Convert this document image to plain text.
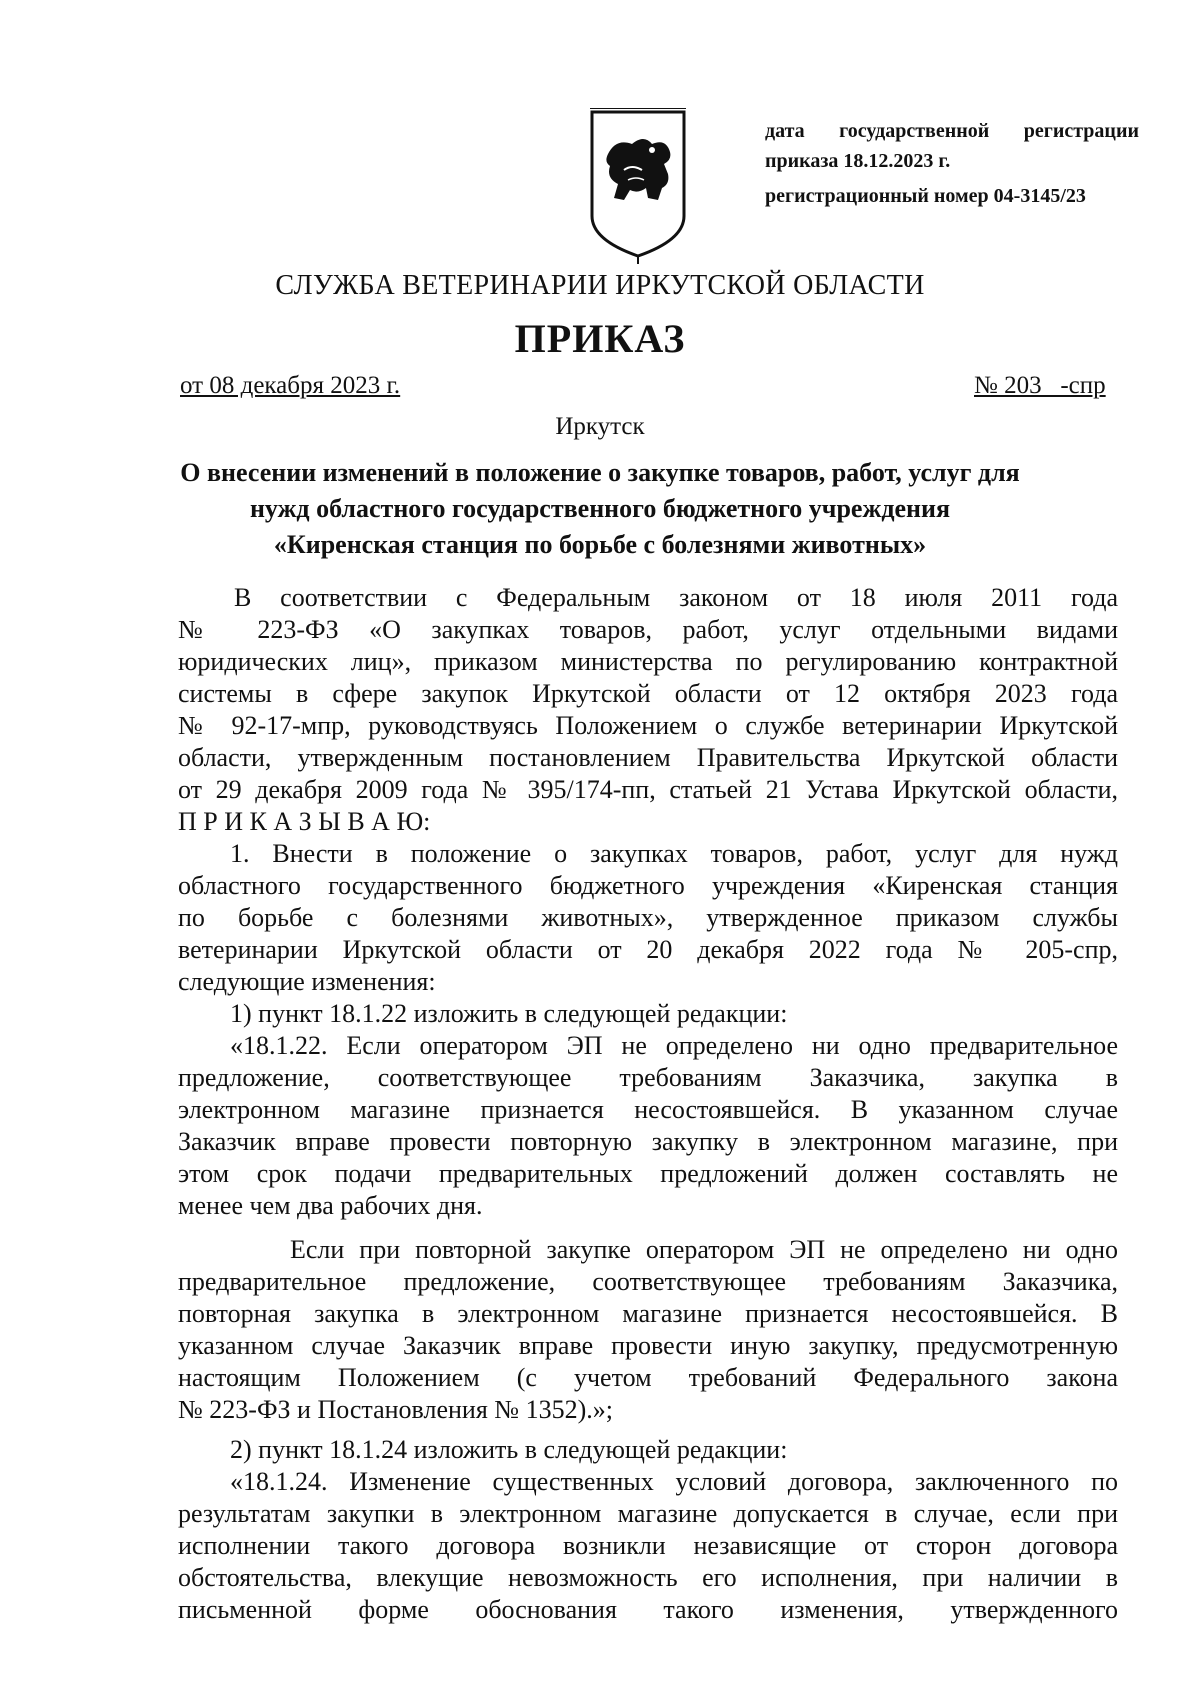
дата государственной регистрации
приказа 18.12.2023 г.
регистрационный номер 04-3145/23
СЛУЖБА ВЕТЕРИНАРИИ ИРКУТСКОЙ ОБЛАСТИ
ПРИКАЗ
от 08 декабря 2023 г.	№ 203   -спр
Иркутск
О внесении изменений в положение о закупке товаров, работ, услуг для
нужд областного государственного бюджетного учреждения
«Киренская станция по борьбе с болезнями животных»
В соответствии с Федеральным законом от 18 июля 2011 года
№ 223-ФЗ «О закупках товаров, работ, услуг отдельными видами
юридических лиц», приказом министерства по регулированию контрактной
системы в сфере закупок Иркутской области от 12 октября 2023 года
№ 92-17-мпр, руководствуясь Положением о службе ветеринарии Иркутской
области, утвержденным постановлением Правительства Иркутской области
от 29 декабря 2009 года № 395/174-пп, статьей 21 Устава Иркутской области,
П Р И К А З Ы В А Ю:
1. Внести в положение о закупках товаров, работ, услуг для нужд
областного государственного бюджетного учреждения «Киренская станция
по борьбе с болезнями животных», утвержденное приказом службы
ветеринарии Иркутской области от 20 декабря 2022 года № 205-спр,
следующие изменения:
1) пункт 18.1.22 изложить в следующей редакции:
«18.1.22. Если оператором ЭП не определено ни одно предварительное
предложение, соответствующее требованиям Заказчика, закупка в
электронном магазине признается несостоявшейся. В указанном случае
Заказчик вправе провести повторную закупку в электронном магазине, при
этом срок подачи предварительных предложений должен составлять не
менее чем два рабочих дня.
Если при повторной закупке оператором ЭП не определено ни одно
предварительное предложение, соответствующее требованиям Заказчика,
повторная закупка в электронном магазине признается несостоявшейся. В
указанном случае Заказчик вправе провести иную закупку, предусмотренную
настоящим Положением (с учетом требований Федерального закона
№ 223-ФЗ и Постановления № 1352).»;
2) пункт 18.1.24 изложить в следующей редакции:
«18.1.24. Изменение существенных условий договора, заключенного по
результатам закупки в электронном магазине допускается в случае, если при
исполнении такого договора возникли независящие от сторон договора
обстоятельства, влекущие невозможность его исполнения, при наличии в
письменной форме обоснования такого изменения, утвержденного
